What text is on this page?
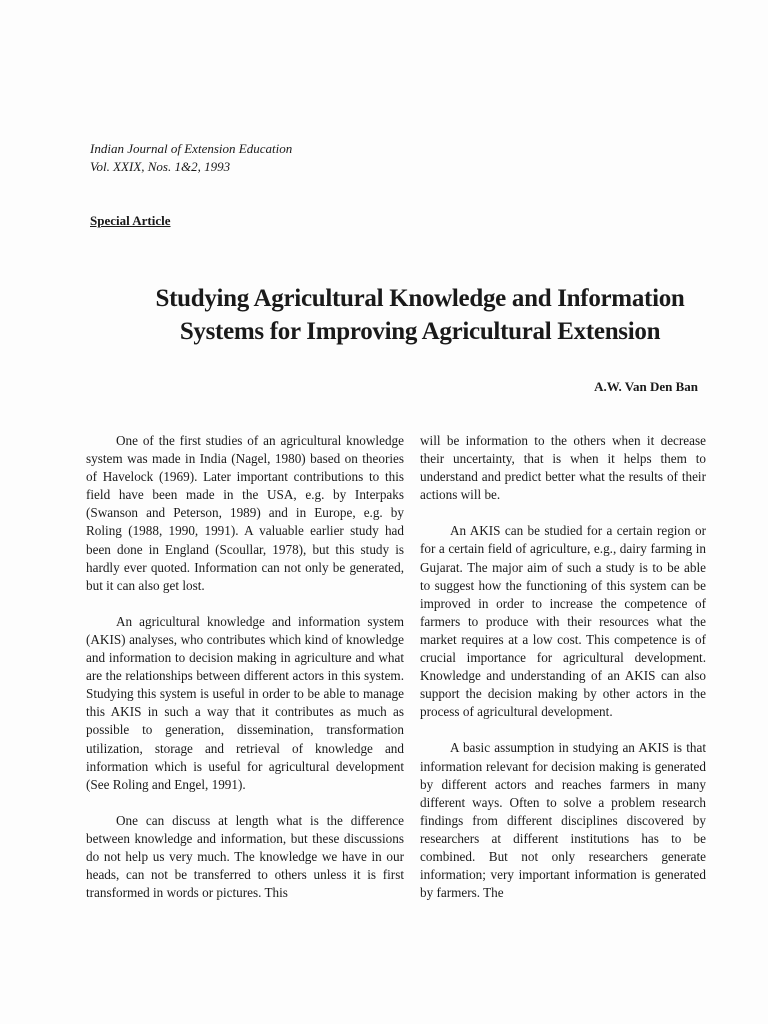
Indian Journal of Extension Education
Vol. XXIX, Nos. 1&2, 1993
Special Article
Studying Agricultural Knowledge and Information
Systems for Improving Agricultural Extension
A.W. Van Den Ban

One of the first studies of an agricultural knowledge system was made in India (Nagel, 1980) based on theories of Havelock (1969). Later important contributions to this field have been made in the USA, e.g. by Interpaks (Swanson and Peterson, 1989) and in Europe, e.g. by Roling (1988, 1990, 1991). A valuable earlier study had been done in England (Scoullar, 1978), but this study is hardly ever quoted. Information can not only be generated, but it can also get lost.

An agricultural knowledge and information system (AKIS) analyses, who contributes which kind of knowledge and information to decision making in agriculture and what are the relationships between different actors in this system. Studying this system is useful in order to be able to manage this AKIS in such a way that it contributes as much as possible to generation, dissemination, transformation utilization, storage and retrieval of knowledge and information which is useful for agricultural development (See Roling and Engel, 1991).

One can discuss at length what is the difference between knowledge and information, but these discussions do not help us very much. The knowledge we have in our heads, can not be transferred to others unless it is first transformed in words or pictures. This

will be information to the others when it decrease their uncertainty, that is when it helps them to understand and predict better what the results of their actions will be.

An AKIS can be studied for a certain region or for a certain field of agriculture, e.g., dairy farming in Gujarat. The major aim of such a study is to be able to suggest how the functioning of this system can be improved in order to increase the competence of farmers to produce with their resources what the market requires at a low cost. This competence is of crucial importance for agricultural development. Knowledge and understanding of an AKIS can also support the decision making by other actors in the process of agricultural development.

A basic assumption in studying an AKIS is that information relevant for decision making is generated by different actors and reaches farmers in many different ways. Often to solve a problem research findings from different disciplines discovered by researchers at different institutions has to be combined. But not only researchers generate information; very important information is generated by farmers. The
